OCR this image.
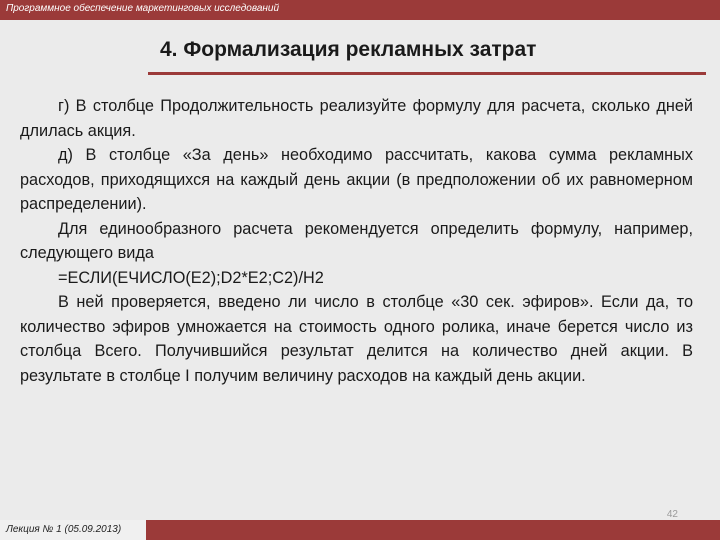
Программное обеспечение маркетинговых исследований
4. Формализация рекламных затрат

г) В столбце Продолжительность реализуйте формулу для расчета, сколько дней длилась акция.

д) В столбце «За день» необходимо рассчитать, какова сумма рекламных расходов, приходящихся на каждый день акции (в предположении об их равномерном распределении).

Для единообразного расчета рекомендуется определить формулу, например, следующего вида

=ЕСЛИ(ЕЧИСЛО(E2);D2*E2;C2)/H2

В ней проверяется, введено ли число в столбце «30 сек. эфиров». Если да, то количество эфиров умножается на стоимость одного ролика, иначе берется число из столбца Всего. Получившийся результат делится на количество дней акции. В результате в столбце I получим величину расходов на каждый день акции.

42
Лекция № 1 (05.09.2013)
